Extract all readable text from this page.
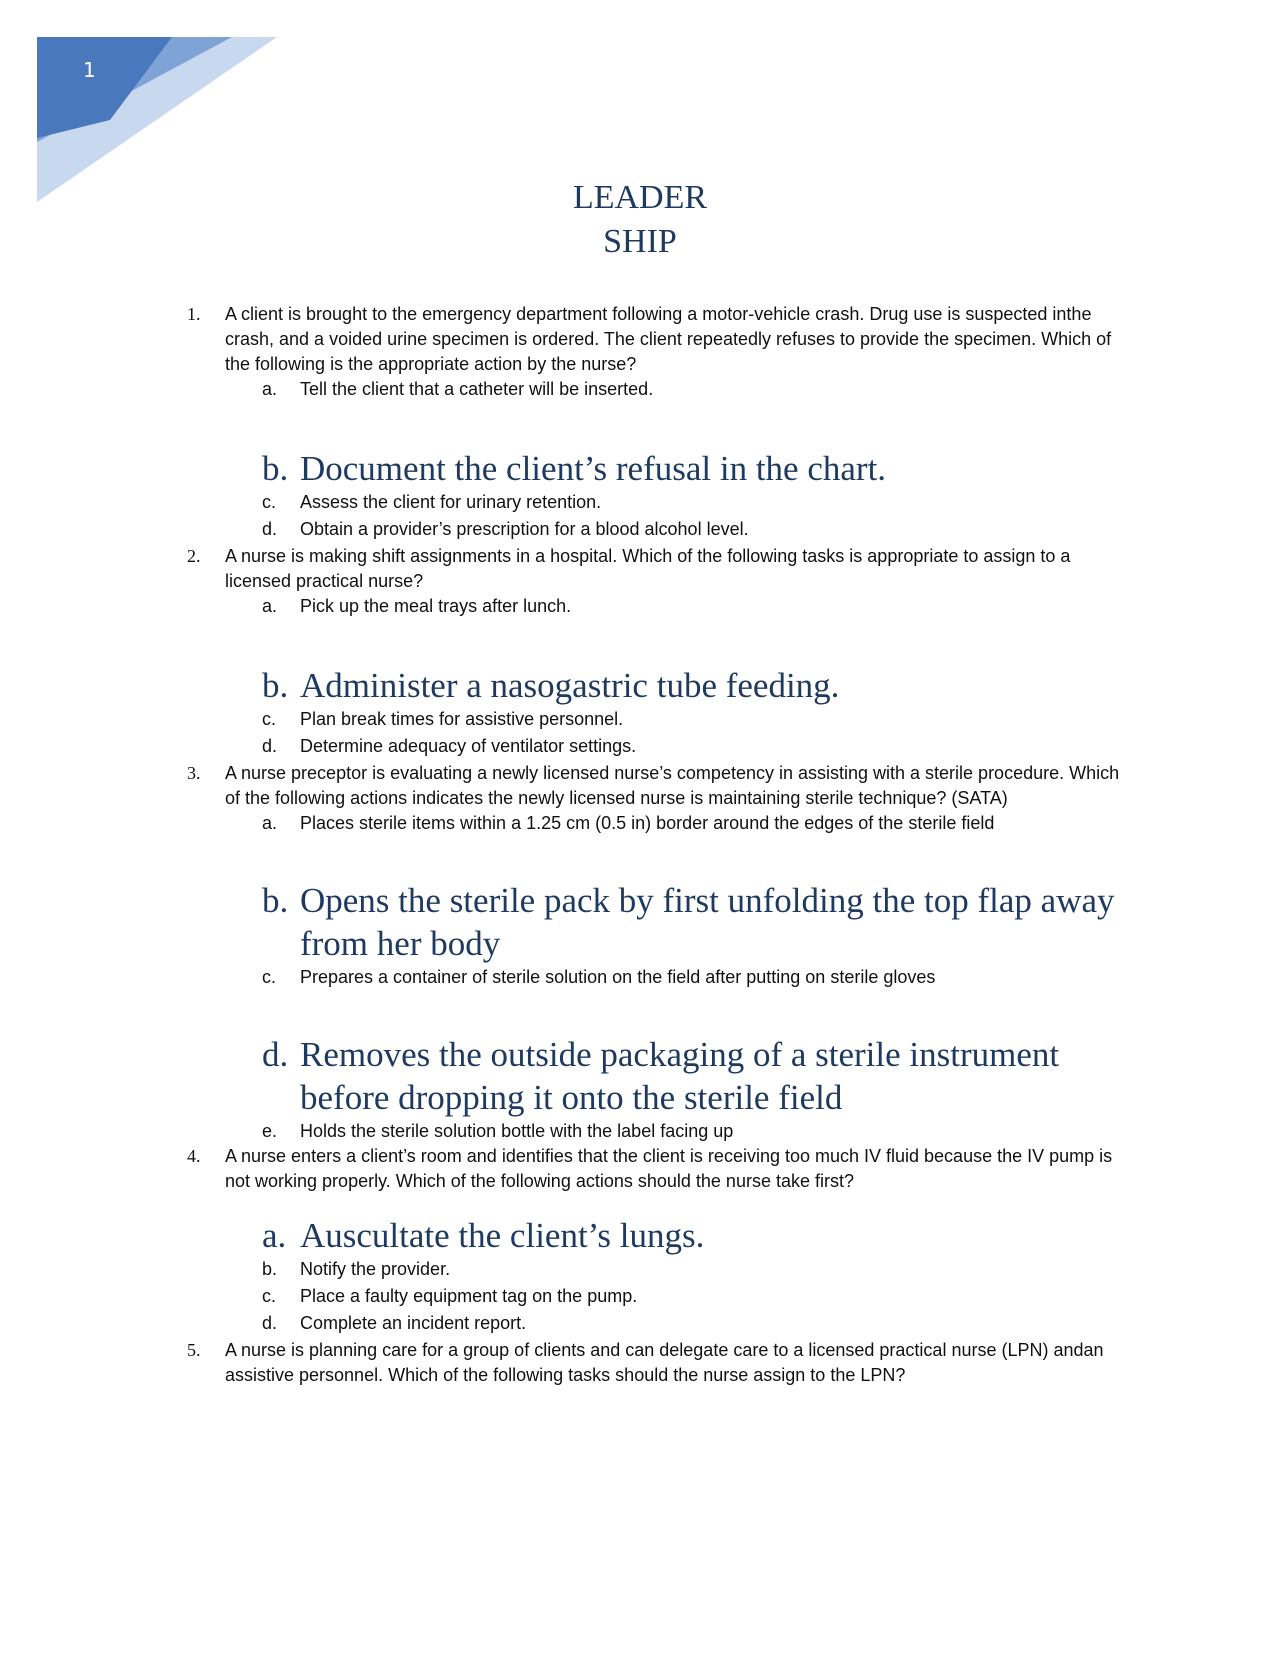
1
LEADER
SHIP
1. A client is brought to the emergency department following a motor-vehicle crash. Drug use is suspected inthe crash, and a voided urine specimen is ordered. The client repeatedly refuses to provide the specimen. Which of the following is the appropriate action by the nurse?
a. Tell the client that a catheter will be inserted.
b. Document the client’s refusal in the chart.
c. Assess the client for urinary retention.
d. Obtain a provider’s prescription for a blood alcohol level.
2. A nurse is making shift assignments in a hospital. Which of the following tasks is appropriate to assign to a licensed practical nurse?
a. Pick up the meal trays after lunch.
b. Administer a nasogastric tube feeding.
c. Plan break times for assistive personnel.
d. Determine adequacy of ventilator settings.
3. A nurse preceptor is evaluating a newly licensed nurse’s competency in assisting with a sterile procedure. Which of the following actions indicates the newly licensed nurse is maintaining sterile technique? (SATA)
a. Places sterile items within a 1.25 cm (0.5 in) border around the edges of the sterile field
b. Opens the sterile pack by first unfolding the top flap away from her body
c. Prepares a container of sterile solution on the field after putting on sterile gloves
d. Removes the outside packaging of a sterile instrument before dropping it onto the sterile field
e. Holds the sterile solution bottle with the label facing up
4. A nurse enters a client’s room and identifies that the client is receiving too much IV fluid because the IV pump is not working properly. Which of the following actions should the nurse take first?
a. Auscultate the client’s lungs.
b. Notify the provider.
c. Place a faulty equipment tag on the pump.
d. Complete an incident report.
5. A nurse is planning care for a group of clients and can delegate care to a licensed practical nurse (LPN) andan assistive personnel. Which of the following tasks should the nurse assign to the LPN?
